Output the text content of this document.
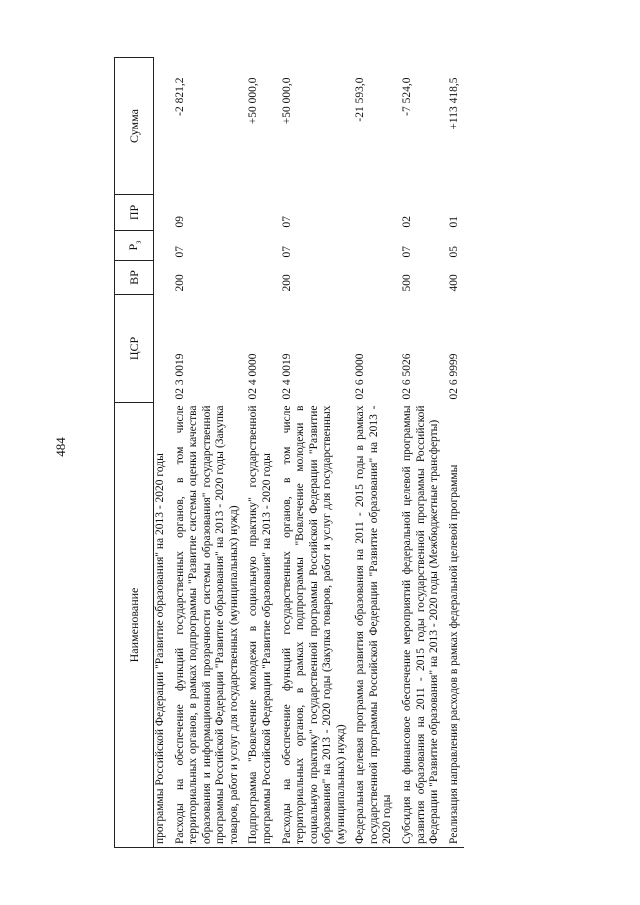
484
Наименование	ЦСР	ВР	$Р_з$	ПР	Сумма
программы Российской Федерации "Развитие образования" на 2013 - 2020 годы					
Расходы на обеспечение функций государственных органов, в том числе территориальных органов, в рамках подпрограммы "Развитие системы оценки качества образования и информационной прозрачности системы образования" государственной программы Российской Федерации "Развитие образования" на 2013 - 2020 годы (Закупка товаров, работ и услуг для государственных (муниципальных) нужд)	02 3 0019	200	07	09	-2 821,2
Подпрограмма "Вовлечение молодежи в социальную практику" государственной программы Российской Федерации "Развитие образования" на 2013 - 2020 годы	02 4 0000				+50 000,0
Расходы на обеспечение функций государственных органов, в том числе территориальных органов, в рамках подпрограммы "Вовлечение молодежи в социальную практику" государственной программы Российской Федерации "Развитие образования" на 2013 - 2020 годы (Закупка товаров, работ и услуг для государственных (муниципальных) нужд)	02 4 0019	200	07	07	+50 000,0
Федеральная целевая программа развития образования на 2011 - 2015 годы в рамках государственной программы Российской Федерации "Развитие образования" на 2013 - 2020 годы	02 6 0000				-21 593,0
Субсидия на финансовое обеспечение мероприятий федеральной целевой программы развития образования на 2011 - 2015 годы государственной программы Российской Федерации "Развитие образования" на 2013 - 2020 годы (Межбюджетные трансферты)	02 6 5026	500	07	02	-7 524,0
Реализация направления расходов в рамках федеральной целевой программы	02 6 9999	400	05	01	+113 418,5
